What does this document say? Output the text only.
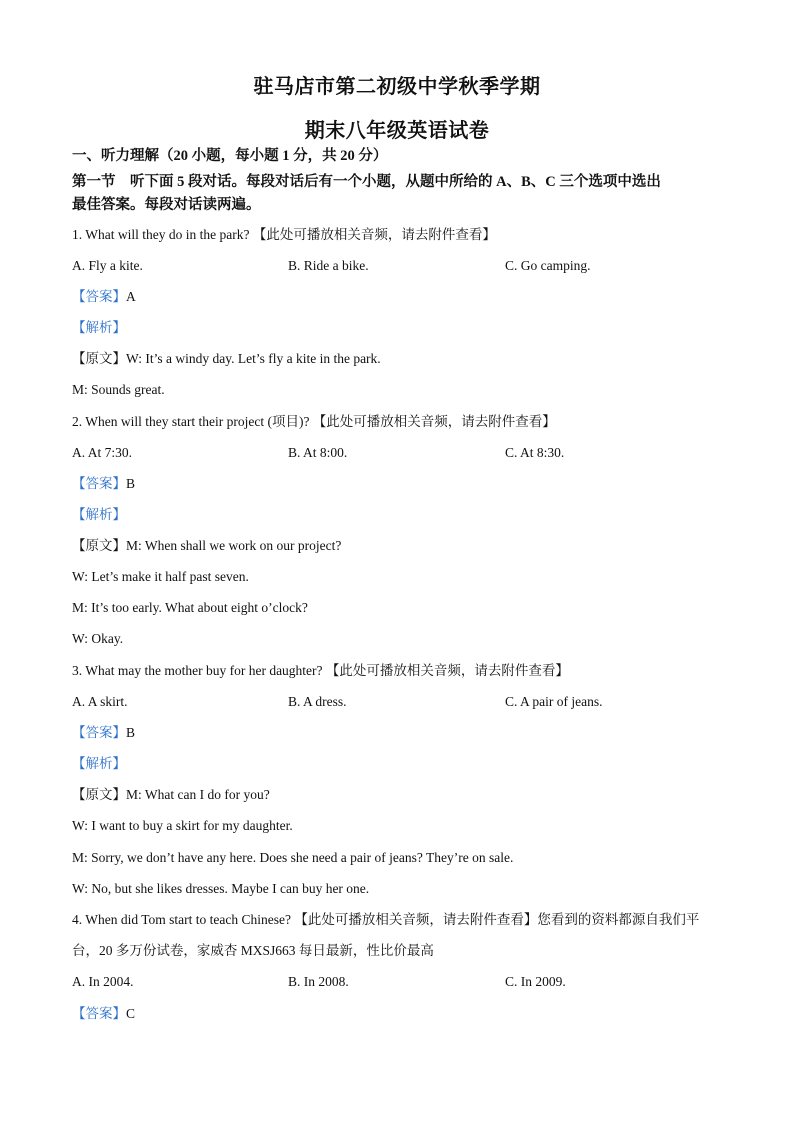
驻马店市第二初级中学秋季学期
期末八年级英语试卷
一、听力理解（20 小题，每小题 1 分，共 20 分）
第一节　听下面 5 段对话。每段对话后有一个小题，从题中所给的 A、B、C 三个选项中选出
最佳答案。每段对话读两遍。
1. What will they do in the park? 【此处可播放相关音频，请去附件查看】
A. Fly a kite.	B. Ride a bike.	C. Go camping.
【答案】A
【解析】
【原文】W: It’s a windy day. Let’s fly a kite in the park.
M: Sounds great.
2. When will they start their project (项目)? 【此处可播放相关音频，请去附件查看】
A. At 7:30.	B. At 8:00.	C. At 8:30.
【答案】B
【解析】
【原文】M: When shall we work on our project?
W: Let’s make it half past seven.
M: It’s too early. What about eight o’clock?
W: Okay.
3. What may the mother buy for her daughter? 【此处可播放相关音频，请去附件查看】
A. A skirt.	B. A dress.	C. A pair of jeans.
【答案】B
【解析】
【原文】M: What can I do for you?
W: I want to buy a skirt for my daughter.
M: Sorry, we don’t have any here. Does she need a pair of jeans? They’re on sale.
W: No, but she likes dresses. Maybe I can buy her one.
4. When did Tom start to teach Chinese? 【此处可播放相关音频，请去附件查看】您看到的资料都源自我们平
台，20 多万份试卷，家威杏 MXSJ663 每日最新，性比价最高
A. In 2004.	B. In 2008.	C. In 2009.
【答案】C
